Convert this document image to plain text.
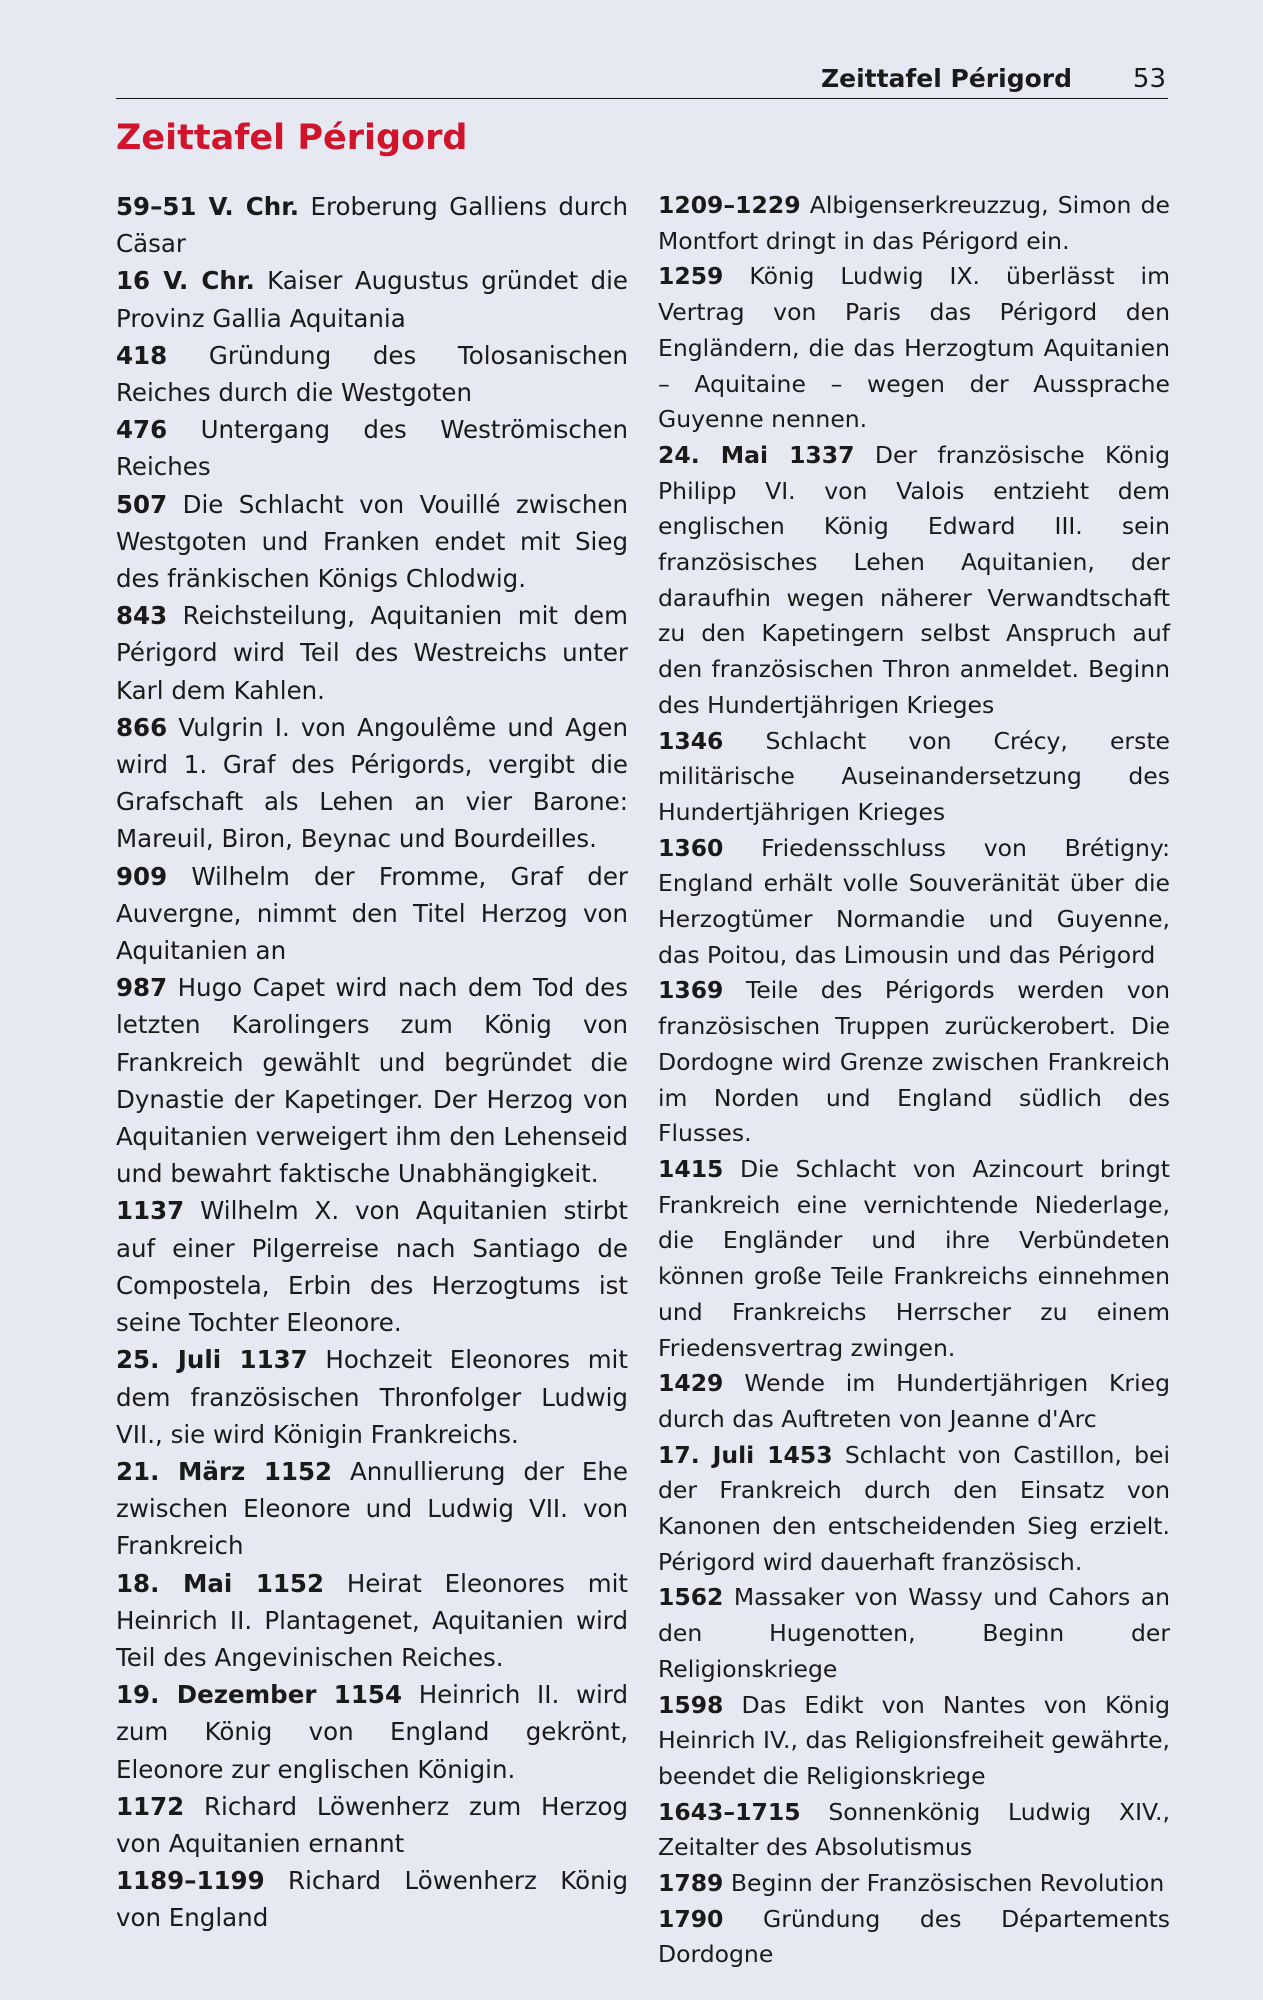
Zeittafel Périgord 53
Zeittafel Périgord

59–51 V. Chr. Eroberung Galliens durch Cäsar

16 V. Chr. Kaiser Augustus gründet die Provinz Gallia Aquitania

418 Gründung des Tolosanischen Reiches durch die Westgoten

476 Untergang des Weströmischen Reiches

507 Die Schlacht von Vouillé zwischen Westgoten und Franken endet mit Sieg des fränkischen Königs Chlodwig.

843 Reichsteilung, Aquitanien mit dem Périgord wird Teil des Westreichs unter Karl dem Kahlen.

866 Vulgrin I. von Angoulême und Agen wird 1. Graf des Périgords, vergibt die Grafschaft als Lehen an vier Barone: Mareuil, Biron, Beynac und Bourdeilles.

909 Wilhelm der Fromme, Graf der Auvergne, nimmt den Titel Herzog von Aquitanien an

987 Hugo Capet wird nach dem Tod des letzten Karolingers zum König von Frankreich gewählt und begründet die Dynastie der Kapetinger. Der Herzog von Aquitanien verweigert ihm den Lehenseid und bewahrt faktische Unabhängigkeit.

1137 Wilhelm X. von Aquitanien stirbt auf einer Pilgerreise nach Santiago de Compostela, Erbin des Herzogtums ist seine Tochter Eleonore.

25. Juli 1137 Hochzeit Eleonores mit dem französischen Thronfolger Ludwig VII., sie wird Königin Frankreichs.

21. März 1152 Annullierung der Ehe zwischen Eleonore und Ludwig VII. von Frankreich

18. Mai 1152 Heirat Eleonores mit Heinrich II. Plantagenet, Aquitanien wird Teil des Angevinischen Reiches.

19. Dezember 1154 Heinrich II. wird zum König von England gekrönt, Eleonore zur englischen Königin.

1172 Richard Löwenherz zum Herzog von Aquitanien ernannt

1189–1199 Richard Löwenherz König von England

1209–1229 Albigenserkreuzzug, Simon de Montfort dringt in das Périgord ein.

1259 König Ludwig IX. überlässt im Vertrag von Paris das Périgord den Engländern, die das Herzogtum Aquitanien – Aquitaine – wegen der Aussprache Guyenne nennen.

24. Mai 1337 Der französische König Philipp VI. von Valois entzieht dem englischen König Edward III. sein französisches Lehen Aquitanien, der daraufhin wegen näherer Verwandtschaft zu den Kapetingern selbst Anspruch auf den französischen Thron anmeldet. Beginn des Hundertjährigen Krieges

1346 Schlacht von Crécy, erste militärische Auseinandersetzung des Hundertjährigen Krieges

1360 Friedensschluss von Brétigny: England erhält volle Souveränität über die Herzogtümer Normandie und Guyenne, das Poitou, das Limousin und das Périgord

1369 Teile des Périgords werden von französischen Truppen zurückerobert. Die Dordogne wird Grenze zwischen Frankreich im Norden und England südlich des Flusses.

1415 Die Schlacht von Azincourt bringt Frankreich eine vernichtende Niederlage, die Engländer und ihre Verbündeten können große Teile Frankreichs einnehmen und Frankreichs Herrscher zu einem Friedensvertrag zwingen.

1429 Wende im Hundertjährigen Krieg durch das Auftreten von Jeanne d'Arc

17. Juli 1453 Schlacht von Castillon, bei der Frankreich durch den Einsatz von Kanonen den entscheidenden Sieg erzielt. Périgord wird dauerhaft französisch.

1562 Massaker von Wassy und Cahors an den Hugenotten, Beginn der Religionskriege

1598 Das Edikt von Nantes von König Heinrich IV., das Religionsfreiheit gewährte, beendet die Religionskriege

1643–1715 Sonnenkönig Ludwig XIV., Zeitalter des Absolutismus

1789 Beginn der Französischen Revolution

1790 Gründung des Départements Dordogne
